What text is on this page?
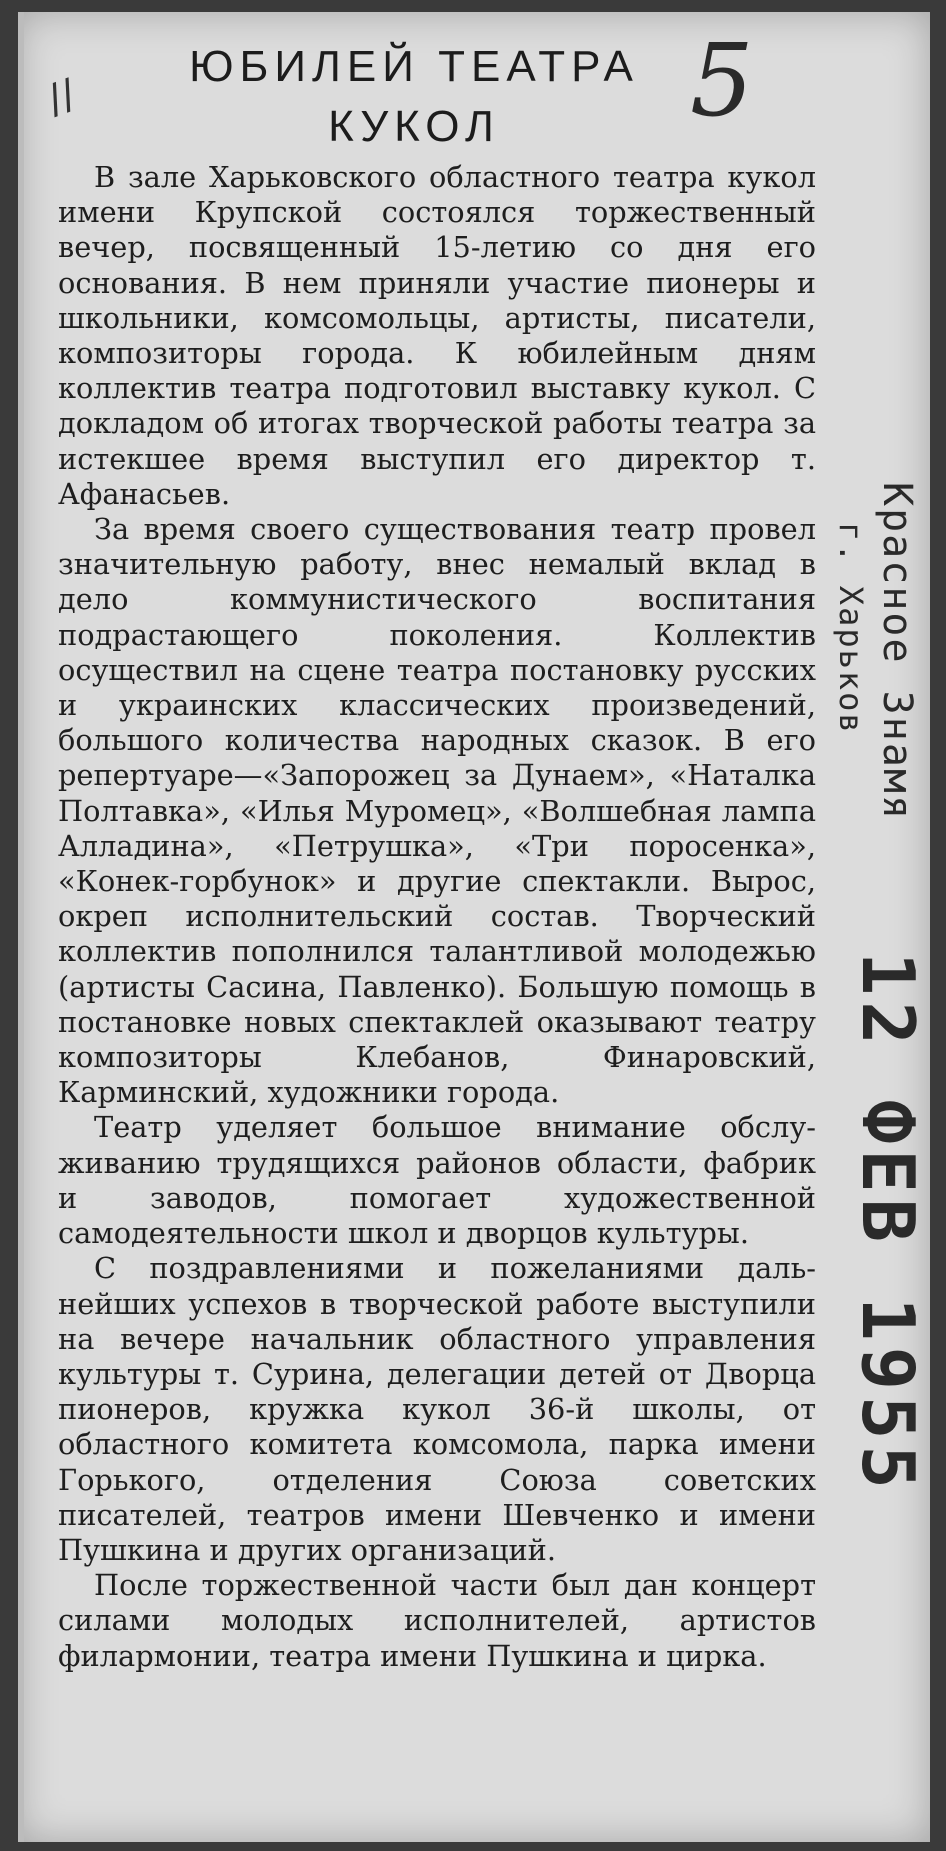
//	5
ЮБИЛЕЙ ТЕАТРА
КУКОЛ

В зале Харьковского областного театра кукол имени Крупской состоялся торжественный вечер, посвященный 15-летию со дня его основания. В нем приняли участие пионеры и школьники, комсомольцы, артисты, писатели, композиторы города. К юбилейным дням коллектив театра подготовил выставку кукол. С докладом об итогах творческой работы театра за истекшее время выступил его директор т. Афанасьев.

За время своего существования театр провел значительную работу, внес немалый вклад в дело коммунистического воспитания подрастающего поколения. Коллектив осуществил на сцене театра постановку русских и украинских классических произведений, большого количества народных сказок. В его репертуаре—«Запорожец за Дунаем», «Наталка Полтавка», «Илья Муромец», «Волшебная лампа Алладина», «Петрушка», «Три поросенка», «Конек-горбунок» и другие спектакли. Вырос, окреп исполнительский состав. Творческий коллектив пополнился талантливой молодежью (артисты Сасина, Павленко). Большую помощь в постановке новых спектаклей оказывают театру композиторы Клебанов, Финаровский, Карминский, художники города.

Театр уделяет большое внимание обслуживанию трудящихся районов области, фабрик и заводов, помогает художественной самодеятельности школ и дворцов культуры.

С поздравлениями и пожеланиями дальнейших успехов в творческой работе выступили на вечере начальник областного управления культуры т. Сурина, делегации детей от Дворца пионеров, кружка кукол 36-й школы, от областного комитета комсомола, парка имени Горького, отделения Союза советских писателей, театров имени Шевченко и имени Пушкина и других организаций.

После торжественной части был дан концерт силами молодых исполнителей, артистов филармонии, театра имени Пушкина и цирка.

Красное Знамя
г. Харьков
12 ФЕВ 1955
